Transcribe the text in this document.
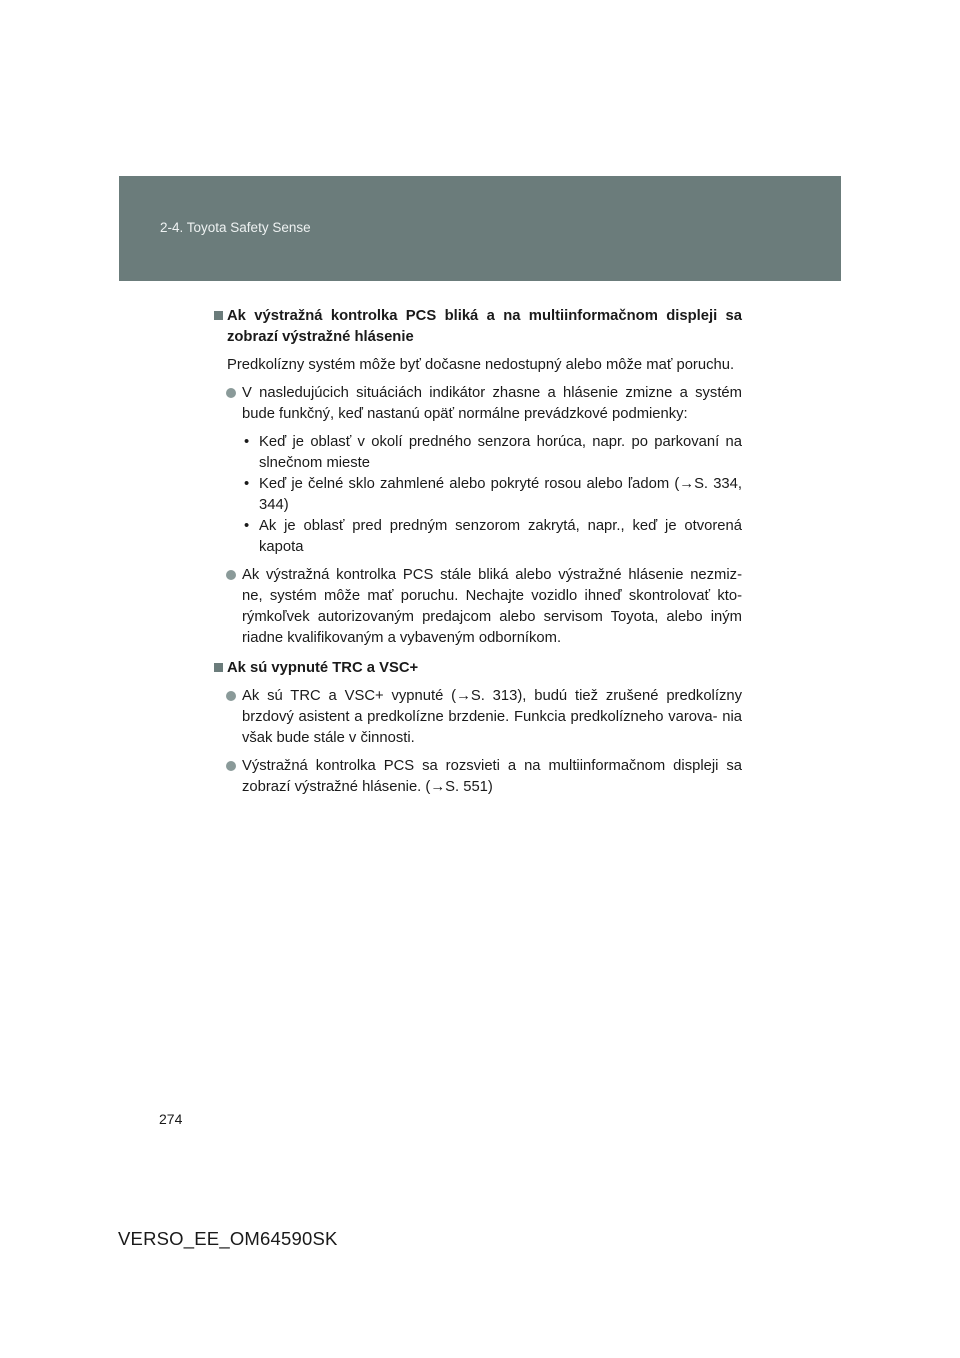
2-4. Toyota Safety Sense
Ak výstražná kontrolka PCS bliká a na multiinformačnom displeji sa zobrazí výstražné hlásenie
Predkolízny systém môže byť dočasne nedostupný alebo môže mať poruchu.
V nasledujúcich situáciách indikátor zhasne a hlásenie zmizne a systém bude funkčný, keď nastanú opäť normálne prevádzkové podmienky:
• Keď je oblasť v okolí predného senzora horúca, napr. po parkovaní na slnečnom mieste
• Keď je čelné sklo zahmlené alebo pokryté rosou alebo ľadom (→S. 334, 344)
• Ak je oblasť pred predným senzorom zakrytá, napr., keď je otvorená kapota
Ak výstražná kontrolka PCS stále bliká alebo výstražné hlásenie nezmiz- ne, systém môže mať poruchu. Nechajte vozidlo ihneď skontrolovať kto- rýmkoľvek autorizovaným predajcom alebo servisom Toyota, alebo iným riadne kvalifikovaným a vybaveným odborníkom.
Ak sú vypnuté TRC a VSC+
Ak sú TRC a VSC+ vypnuté (→S. 313), budú tiež zrušené predkolízny brzdový asistent a predkolízne brzdenie. Funkcia predkolízneho varova- nia však bude stále v činnosti.
Výstražná kontrolka PCS sa rozsvieti a na multiinformačnom displeji sa zobrazí výstražné hlásenie. (→S. 551)
274
VERSO_EE_OM64590SK
